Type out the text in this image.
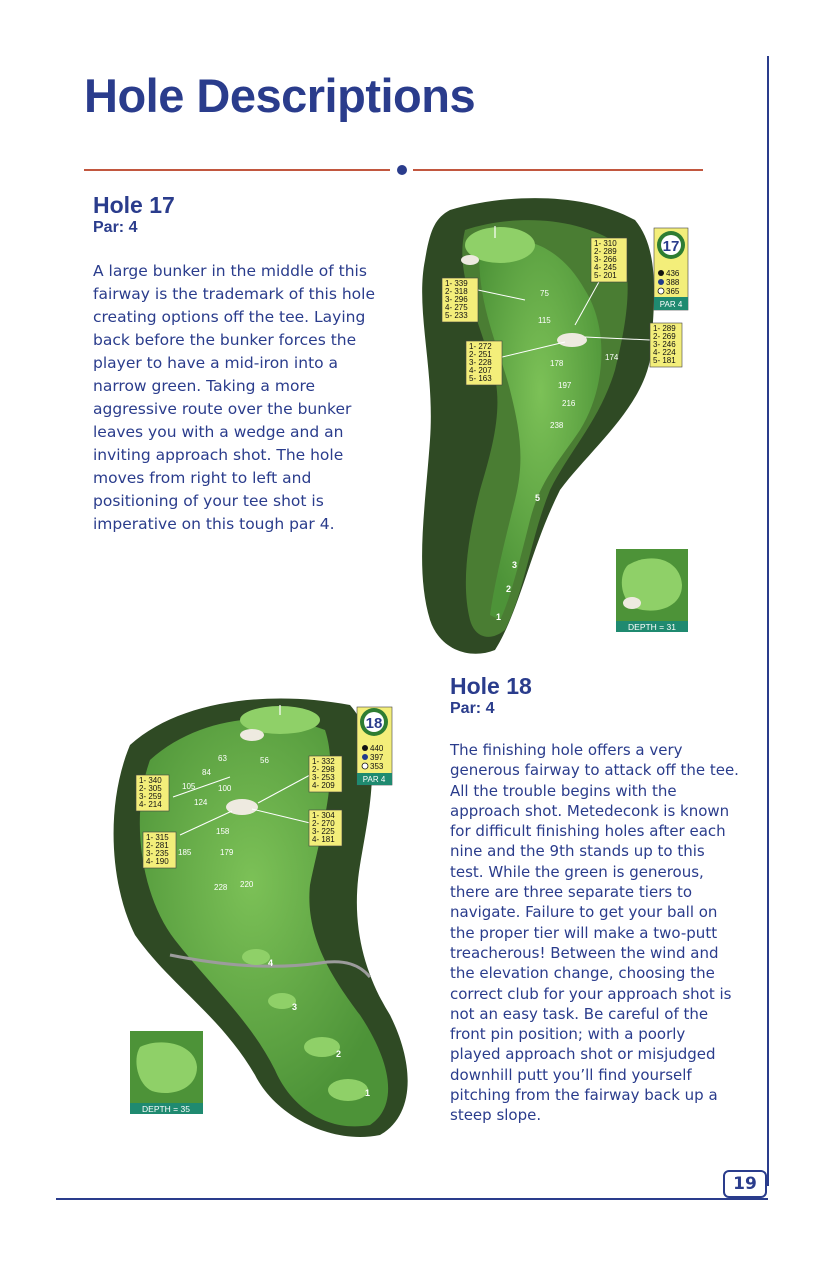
19
Hole Descriptions
Hole 17
Par: 4

A large bunker in the middle of this fairway is the trademark of this hole creating options off the tee. Laying back before the bunker forces the player to have a mid-iron into a narrow green. Taking a more aggressive route over the bunker leaves you with a wedge and an inviting approach shot. The hole moves from right to left and positioning of your tee shot is imperative on this tough par 4.

75
115
178
174
197
216
238
5
4
3
2
1
1- 339
2- 318
3- 296
4- 275
5- 233
1- 310
2- 289
3- 266
4- 245
5- 201
1- 272
2- 251
3- 228
4- 207
5- 163
1- 289
2- 269
3- 246
4- 224
5- 181
17
436
388
365
PAR 4
DEPTH = 31
63	56
84
105	100
124
158
185	179
228 220
4
3
2
1
1- 340
2- 305
3- 259
4- 214
1- 332
2- 298
3- 253
4- 209
1- 315
2- 281
3- 235
4- 190
1- 304
2- 270
3- 225
4- 181
18
440
397
353
PAR 4
DEPTH = 35
Hole 18
Par: 4

The finishing hole offers a very generous fairway to attack off the tee. All the trouble begins with the approach shot. Metedeconk is known for difficult finishing holes after each nine and the 9th stands up to this test. While the green is generous, there are three separate tiers to navigate. Failure to get your ball on the proper tier will make a two-putt treacherous! Between the wind and the elevation change, choosing the correct club for your approach shot is not an easy task. Be careful of the front pin position; with a poorly played approach shot or misjudged downhill putt you’ll find yourself pitching from the fairway back up a steep slope.
